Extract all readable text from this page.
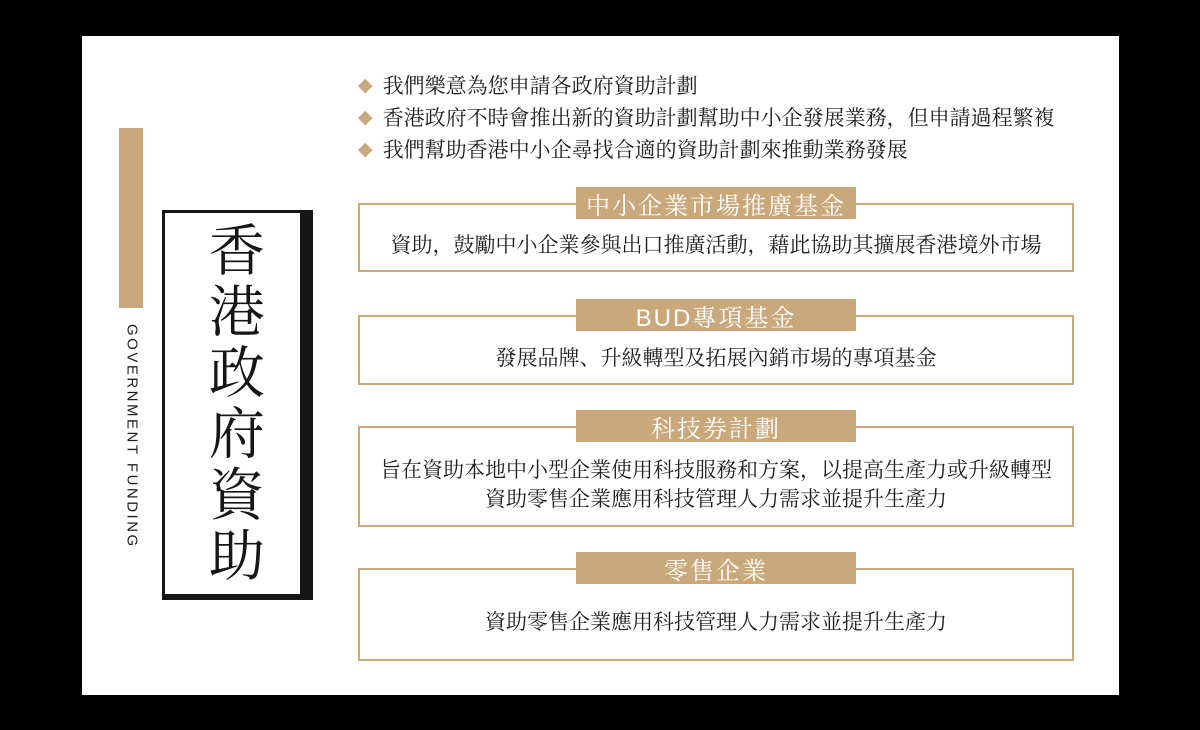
GOVERNMENT FUNDING 香港政府資助
◆ 我們樂意為您申請各政府資助計劃
◆ 香港政府不時會推出新的資助計劃幫助中小企發展業務，但申請過程繁複
◆ 我們幫助香港中小企尋找合適的資助計劃來推動業務發展
中小企業市場推廣基金
資助，鼓勵中小企業參與出口推廣活動，藉此協助其擴展香港境外市場
BUD專項基金
發展品牌、升級轉型及拓展內銷市場的專項基金
科技券計劃
旨在資助本地中小型企業使用科技服務和方案，以提高生產力或升級轉型
資助零售企業應用科技管理人力需求並提升生產力
零售企業
資助零售企業應用科技管理人力需求並提升生產力
